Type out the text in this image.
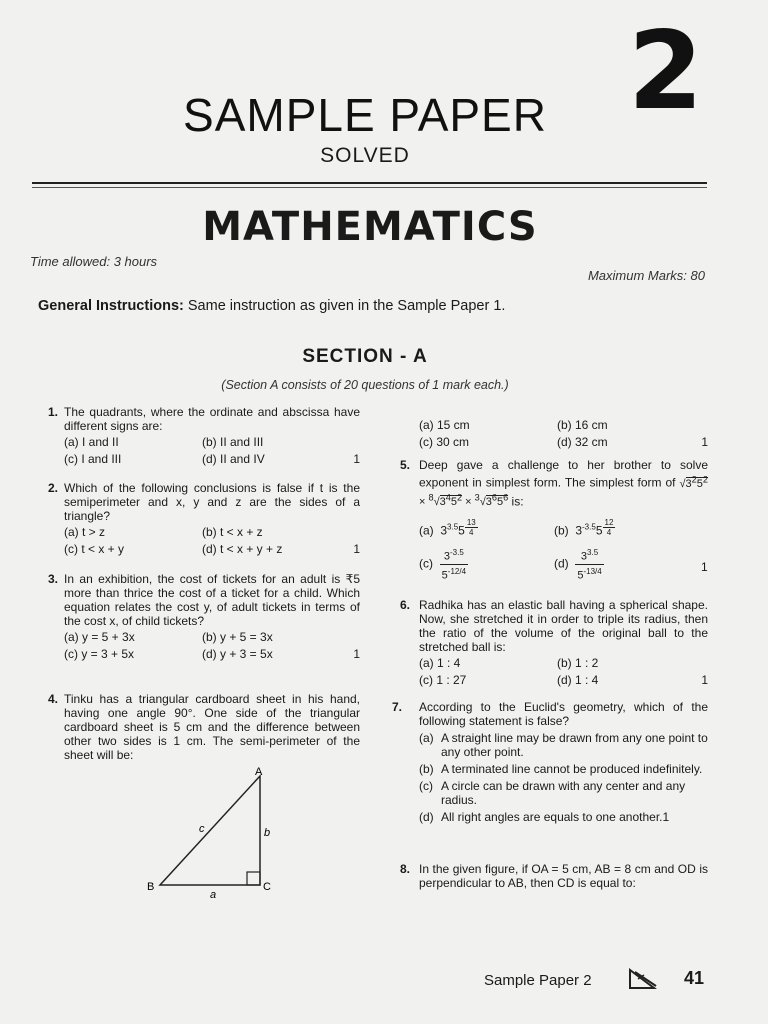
2
SAMPLE PAPER
SOLVED
MATHEMATICS
Time allowed: 3 hours
Maximum Marks: 80
General Instructions: Same instruction as given in the Sample Paper 1.
SECTION - A
(Section A consists of 20 questions of 1 mark each.)
1. The quadrants, where the ordinate and abscissa have different signs are:
(a) I and II	(b) II and III
(c) I and III	(d) II and IV	1
2. Which of the following conclusions is false if t is the semiperimeter and x, y and z are the sides of a triangle?
(a) t > z	(b) t < x + z
(c) t < x + y	(d) t < x + y + z	1
3. In an exhibition, the cost of tickets for an adult is ₹5 more than thrice the cost of a ticket for a child. Which equation relates the cost y, of adult tickets in terms of the cost x, of child tickets?
(a) y = 5 + 3x	(b) y + 5 = 3x
(c) y = 3 + 5x	(d) y + 3 = 5x	1
4. Tinku has a triangular cardboard sheet in his hand, having one angle 90°. One side of the triangular cardboard sheet is 5 cm and the difference between other two sides is 1 cm. The semi-perimeter of the sheet will be:
A
B	C
a
b
c
(a) 15 cm	(b) 16 cm
(c) 30 cm	(d) 32 cm	1
5. Deep gave a challenge to her brother to solve exponent in simplest form. The simplest form of $√3^25^2 \times ^8√3^45^2 \times ^3√3^65^6$ is:
(a)  $3^{3.5}5$ $^{\frac{13}{4}}$	(b)  $3^{-3.5}5$ $^{\frac{12}{4}}$
$(c) \frac{3^{-3.5}}{5^{-12/4}}$	$(d) \frac{3^{3.5}}{5^{-13/4}}$	1
6. Radhika has an elastic ball having a spherical shape. Now, she stretched it in order to triple its radius, then the ratio of the volume of the original ball to the stretched ball is:
(a) 1 : 4	(b) 1 : 2
(c) 1 : 27	(d) 1 : 4	1
7. According to the Euclid's geometry, which of the following statement is false?
(a) A straight line may be drawn from any one point to any other point.
(b) A terminated line cannot be produced indefinitely.
(c) A circle can be drawn with any center and any radius.
(d) All right angles are equals to one another.1
8. In the given figure, if OA = 5 cm, AB = 8 cm and OD is perpendicular to AB, then CD is equal to:
Sample Paper 2	41
